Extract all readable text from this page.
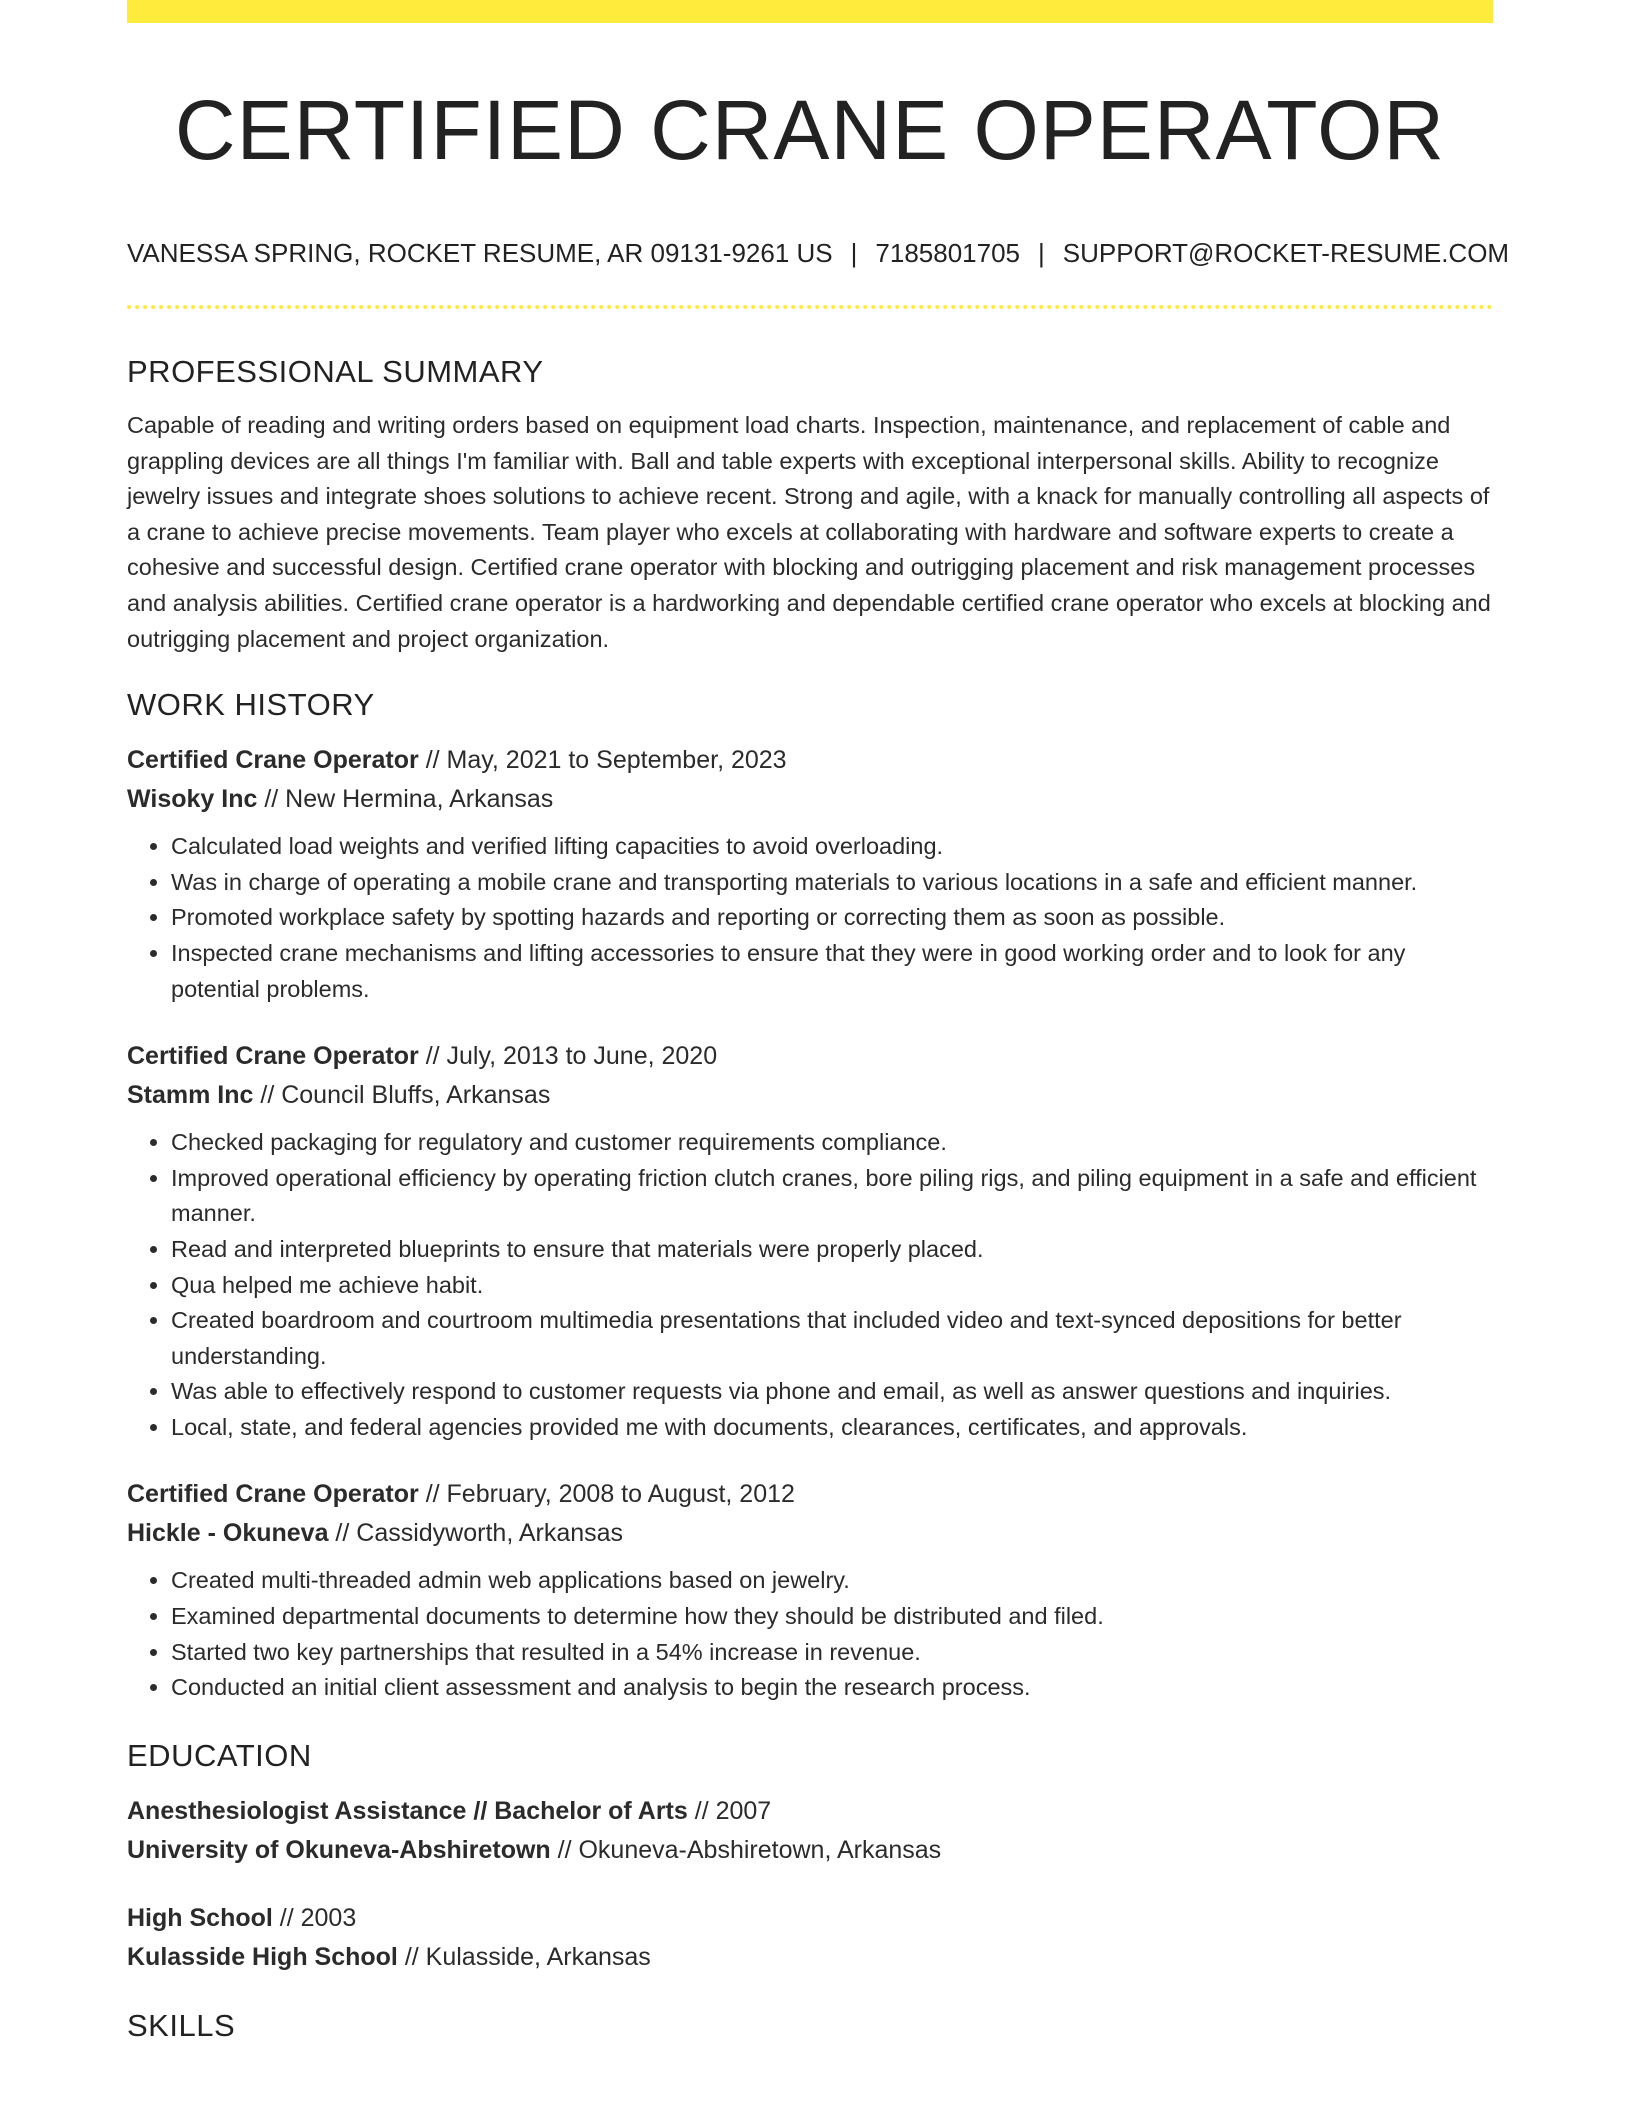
CERTIFIED CRANE OPERATOR
VANESSA SPRING, ROCKET RESUME, AR 09131-9261 US | 7185801705 | SUPPORT@ROCKET-RESUME.COM
PROFESSIONAL SUMMARY

Capable of reading and writing orders based on equipment load charts. Inspection, maintenance, and replacement of cable and grappling devices are all things I'm familiar with. Ball and table experts with exceptional interpersonal skills. Ability to recognize jewelry issues and integrate shoes solutions to achieve recent. Strong and agile, with a knack for manually controlling all aspects of a crane to achieve precise movements. Team player who excels at collaborating with hardware and software experts to create a cohesive and successful design. Certified crane operator with blocking and outrigging placement and risk management processes and analysis abilities. Certified crane operator is a hardworking and dependable certified crane operator who excels at blocking and outrigging placement and project organization.

WORK HISTORY
Certified Crane Operator // May, 2021 to September, 2023
Wisoky Inc // New Hermina, Arkansas
• Calculated load weights and verified lifting capacities to avoid overloading.
• Was in charge of operating a mobile crane and transporting materials to various locations in a safe and efficient manner.
• Promoted workplace safety by spotting hazards and reporting or correcting them as soon as possible.
• Inspected crane mechanisms and lifting accessories to ensure that they were in good working order and to look for any potential problems.
Certified Crane Operator // July, 2013 to June, 2020
Stamm Inc // Council Bluffs, Arkansas
• Checked packaging for regulatory and customer requirements compliance.
• Improved operational efficiency by operating friction clutch cranes, bore piling rigs, and piling equipment in a safe and efficient manner.
• Read and interpreted blueprints to ensure that materials were properly placed.
• Qua helped me achieve habit.
• Created boardroom and courtroom multimedia presentations that included video and text-synced depositions for better understanding.
• Was able to effectively respond to customer requests via phone and email, as well as answer questions and inquiries.
• Local, state, and federal agencies provided me with documents, clearances, certificates, and approvals.
Certified Crane Operator // February, 2008 to August, 2012
Hickle - Okuneva // Cassidyworth, Arkansas
• Created multi-threaded admin web applications based on jewelry.
• Examined departmental documents to determine how they should be distributed and filed.
• Started two key partnerships that resulted in a 54% increase in revenue.
• Conducted an initial client assessment and analysis to begin the research process.
EDUCATION
Anesthesiologist Assistance // Bachelor of Arts // 2007
University of Okuneva-Abshiretown // Okuneva-Abshiretown, Arkansas
High School // 2003
Kulasside High School // Kulasside, Arkansas
SKILLS
